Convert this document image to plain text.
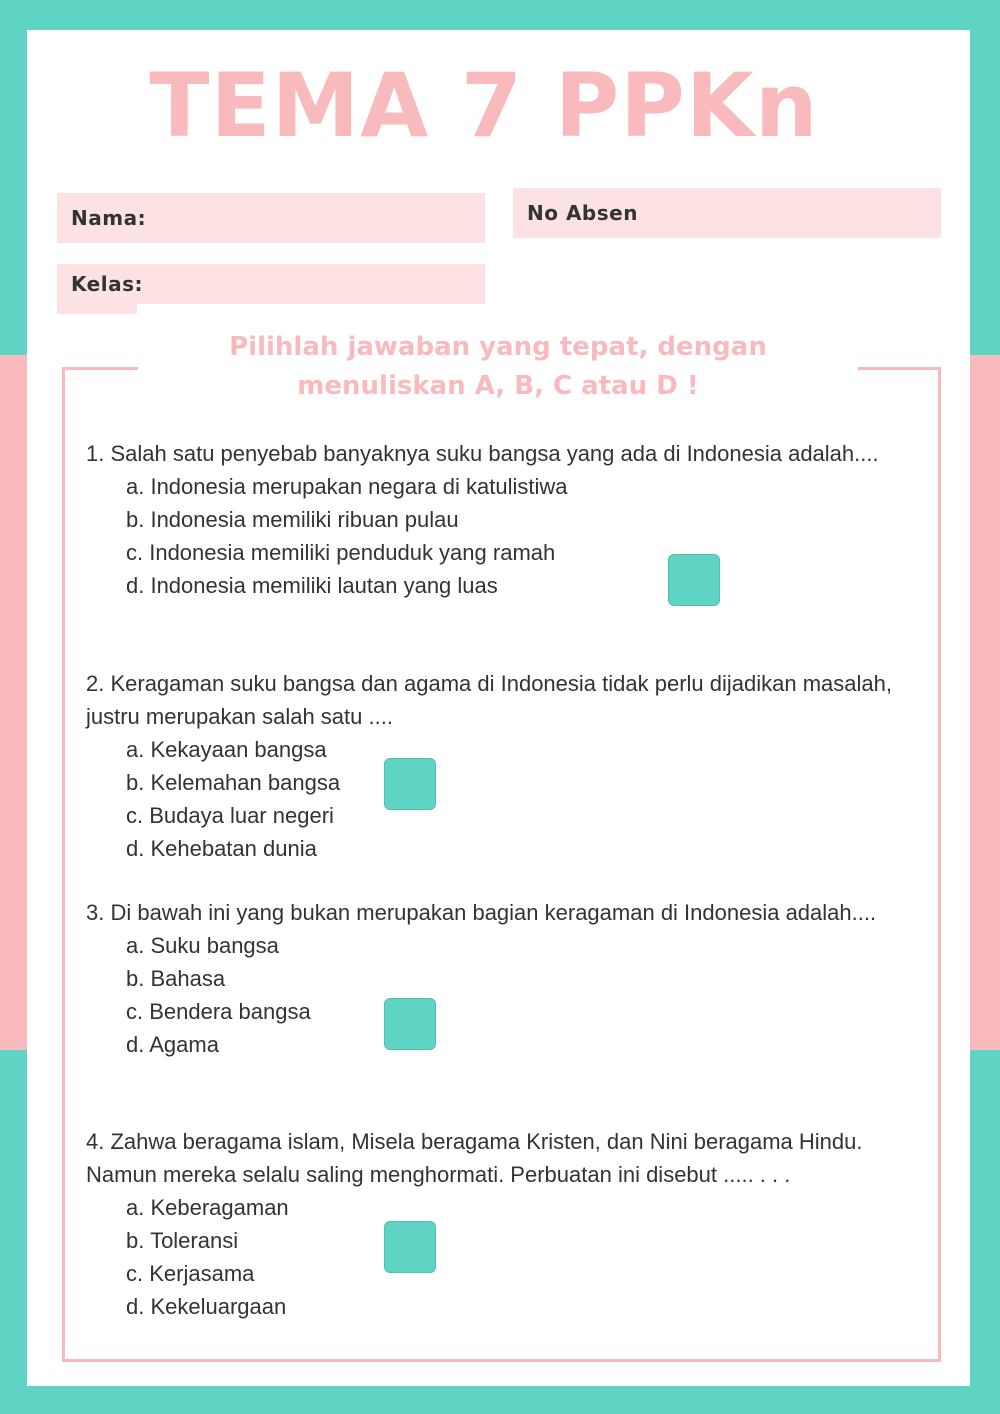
TEMA 7 PPKn
Nama:	No Absen
Kelas:
Pilihlah jawaban yang tepat, dengan
menuliskan A, B, C atau D !

1. Salah satu penyebab banyaknya suku bangsa yang ada di Indonesia adalah....

a. Indonesia merupakan negara di katulistiwa
b. Indonesia memiliki ribuan pulau
c. Indonesia memiliki penduduk yang ramah
d. Indonesia memiliki lautan yang luas

2. Keragaman suku bangsa dan agama di Indonesia tidak perlu dijadikan masalah, justru merupakan salah satu ....

a. Kekayaan bangsa
b. Kelemahan bangsa
c. Budaya luar negeri
d. Kehebatan dunia

3. Di bawah ini yang bukan merupakan bagian keragaman di Indonesia adalah....

a. Suku bangsa
b. Bahasa
c. Bendera bangsa
d. Agama

4. Zahwa beragama islam, Misela beragama Kristen, dan Nini beragama Hindu. Namun mereka selalu saling menghormati. Perbuatan ini disebut ..... . . .

a. Keberagaman
b. Toleransi
c. Kerjasama
d. Kekeluargaan
